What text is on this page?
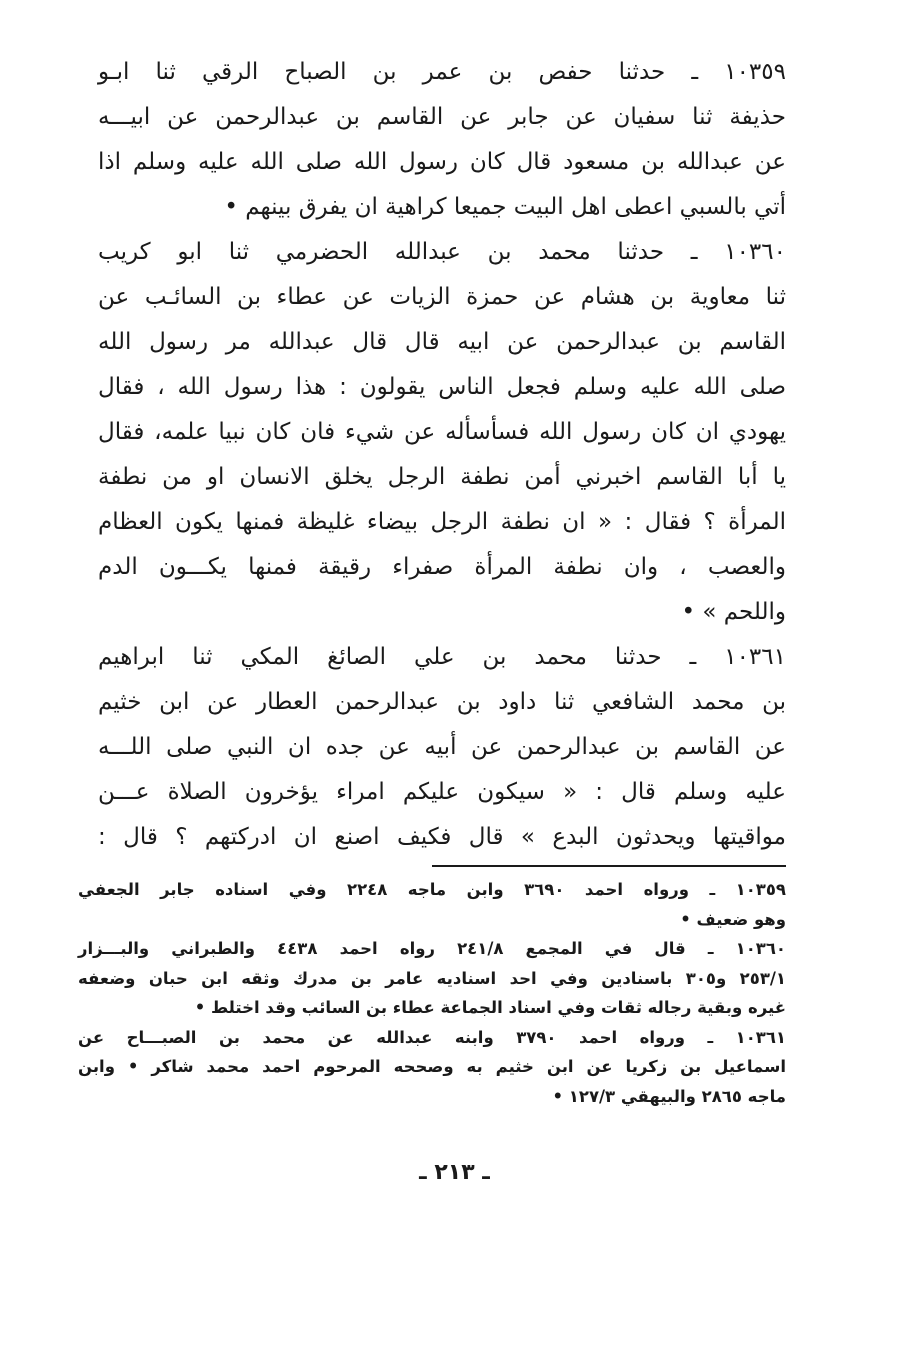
١٠٣٥٩ ـ حدثنا حفص بن عمر بن الصباح الرقي ثنا ابـو
حذيفة ثنا سفيان عن جابر عن القاسم بن عبدالرحمن عن ابيـــه
عن عبدالله بن مسعود قال كان رسول الله صلى الله عليه وسلم اذا
أتي بالسبي اعطى اهل البيت جميعا كراهية ان يفرق بينهم •
١٠٣٦٠ ـ حدثنا محمد بن عبدالله الحضرمي ثنا ابو كريب
ثنا معاوية بن هشام عن حمزة الزيات عن عطاء بن السائـب عن
القاسم بن عبدالرحمن عن ابيه قال قال عبدالله مر رسول الله
صلى الله عليه وسلم فجعل الناس يقولون : هذا رسول الله ، فقال
يهودي ان كان رسول الله فسأسأله عن شيء فان كان نبيا علمه، فقال
يا أبا القاسم اخبرني أمن نطفة الرجل يخلق الانسان او من نطفة
المرأة ؟ فقال : « ان نطفة الرجل بيضاء غليظة فمنها يكون العظام
والعصب ، وان نطفة المرأة صفراء رقيقة فمنها يكـــون الدم
واللحم » •
١٠٣٦١ ـ حدثنا محمد بن علي الصائغ المكي ثنا ابراهيم
بن محمد الشافعي ثنا داود بن عبدالرحمن العطار عن ابن خثيم
عن القاسم بن عبدالرحمن عن أبيه عن جده ان النبي صلى اللـــه
عليه وسلم قال : « سيكون عليكم امراء يؤخرون الصلاة عـــن
مواقيتها ويحدثون البدع » قال فكيف اصنع ان ادركتهم ؟ قال :
١٠٣٥٩ ـ ورواه احمد ٣٦٩٠ وابن ماجه ٢٢٤٨ وفي اسناده جابر الجعفي
وهو ضعيف •
١٠٣٦٠ ـ قال في المجمع ٢٤١/٨ رواه احمد ٤٤٣٨ والطبراني والبـــزار
٢٥٣/١ و٣٠٥ باسنادين وفي احد اسناديه عامر بن مدرك وثقه ابن حبان وضعفه
غيره وبقية رجاله ثقات وفي اسناد الجماعة عطاء بن السائب وقد اختلط •
١٠٣٦١ ـ ورواه احمد ٣٧٩٠ وابنه عبدالله عن محمد بن الصبـــاح عن
اسماعيل بن زكريا عن ابن خثيم به وصححه المرحوم احمد محمد شاكر • وابن
ماجه ٢٨٦٥ والبيهقي ١٢٧/٣ •
ـ ٢١٣ ـ
